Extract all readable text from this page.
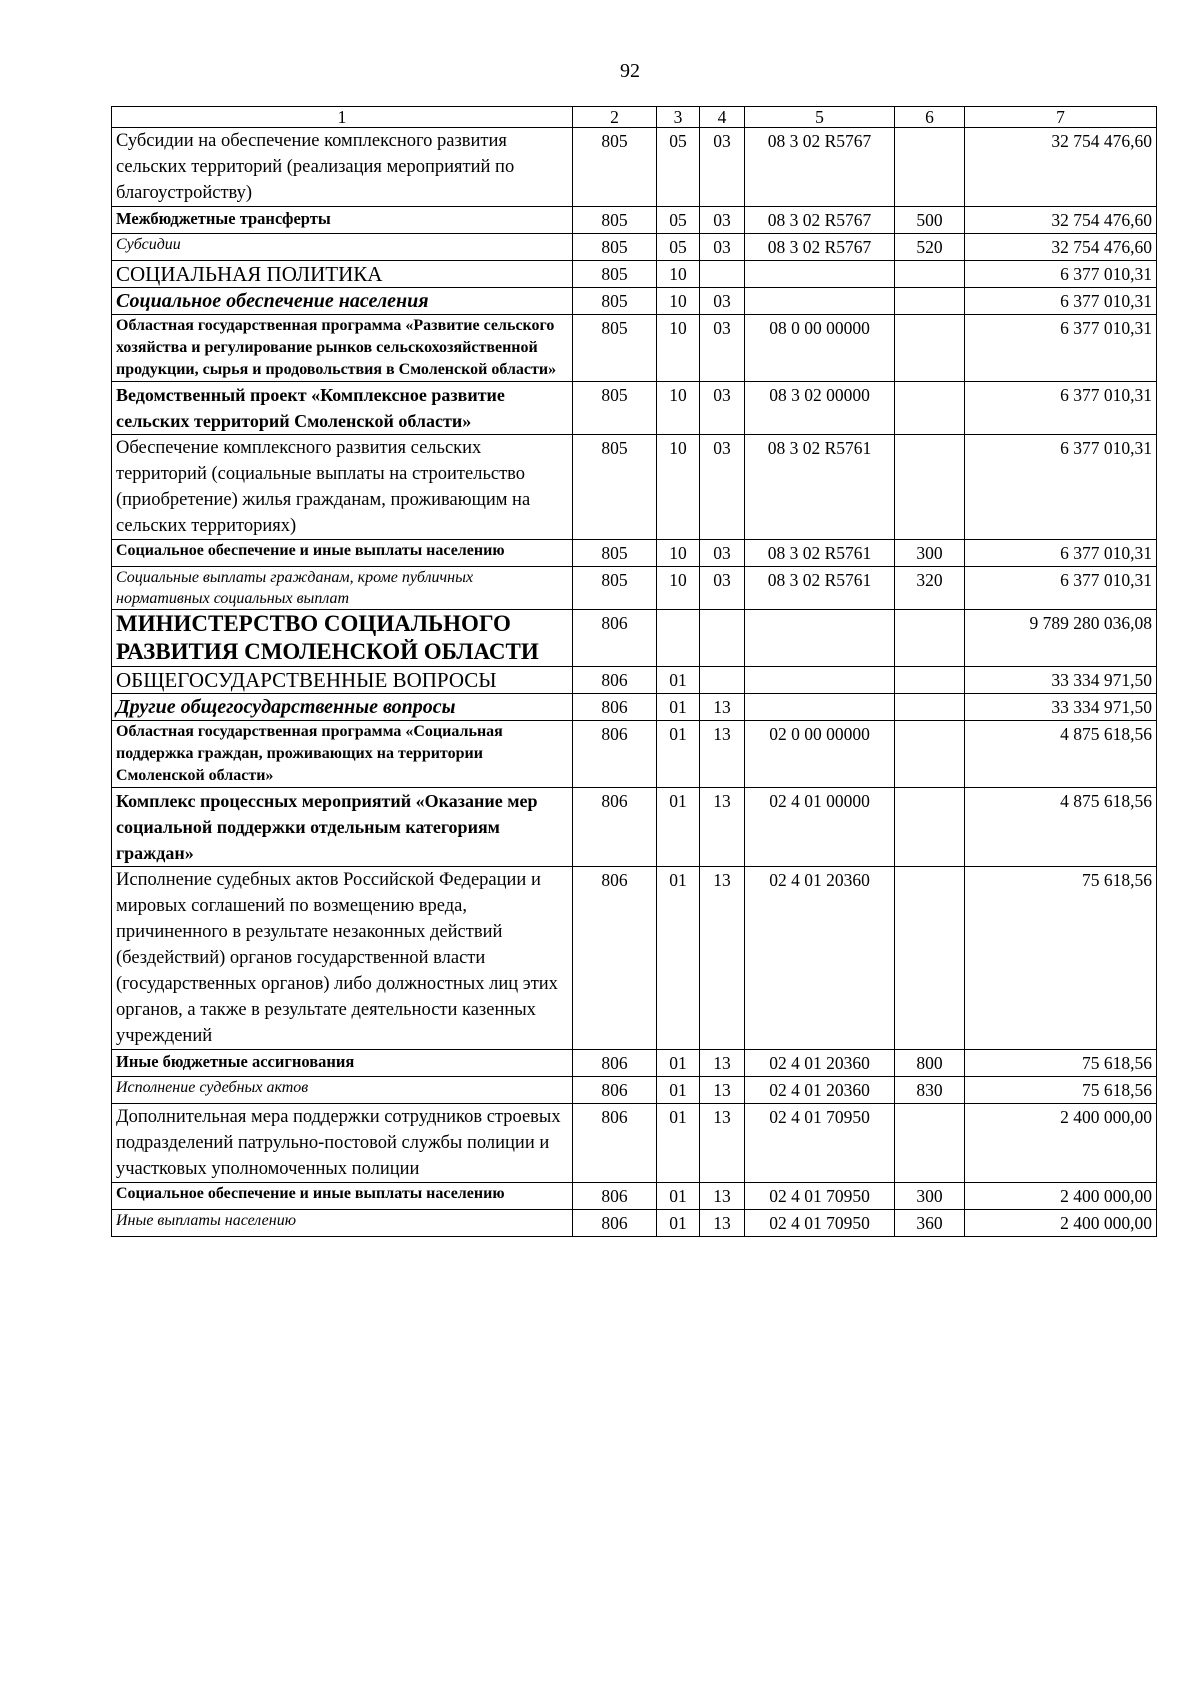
92
1	2	3	4	5	6	7
Субсидии на обеспечение комплексного развития сельских территорий (реализация мероприятий по благоустройству)	805	05	03	08 3 02 R5767		32 754 476,60
Межбюджетные трансферты	805	05	03	08 3 02 R5767	500	32 754 476,60
Субсидии	805	05	03	08 3 02 R5767	520	32 754 476,60
СОЦИАЛЬНАЯ ПОЛИТИКА	805	10				6 377 010,31
Социальное обеспечение населения	805	10	03			6 377 010,31
Областная государственная программа «Развитие сельского хозяйства и регулирование рынков сельскохозяйственной продукции, сырья и продовольствия в Смоленской области»	805	10	03	08 0 00 00000		6 377 010,31
Ведомственный проект «Комплексное развитие сельских территорий Смоленской области»	805	10	03	08 3 02 00000		6 377 010,31
Обеспечение комплексного развития сельских территорий (социальные выплаты на строительство (приобретение) жилья гражданам, проживающим на сельских территориях)	805	10	03	08 3 02 R5761		6 377 010,31
Социальное обеспечение и иные выплаты населению	805	10	03	08 3 02 R5761	300	6 377 010,31
Социальные выплаты гражданам, кроме публичных нормативных социальных выплат	805	10	03	08 3 02 R5761	320	6 377 010,31
МИНИСТЕРСТВО СОЦИАЛЬНОГО РАЗВИТИЯ СМОЛЕНСКОЙ ОБЛАСТИ	806					9 789 280 036,08
ОБЩЕГОСУДАРСТВЕННЫЕ ВОПРОСЫ	806	01				33 334 971,50
Другие общегосударственные вопросы	806	01	13			33 334 971,50
Областная государственная программа «Социальная поддержка граждан, проживающих на территории Смоленской области»	806	01	13	02 0 00 00000		4 875 618,56
Комплекс процессных мероприятий «Оказание мер социальной поддержки отдельным категориям граждан»	806	01	13	02 4 01 00000		4 875 618,56
Исполнение судебных актов Российской Федерации и мировых соглашений по возмещению вреда, причиненного в результате незаконных действий (бездействий) органов государственной власти (государственных органов) либо должностных лиц этих органов, а также в результате деятельности казенных учреждений	806	01	13	02 4 01 20360		75 618,56
Иные бюджетные ассигнования	806	01	13	02 4 01 20360	800	75 618,56
Исполнение судебных актов	806	01	13	02 4 01 20360	830	75 618,56
Дополнительная мера поддержки сотрудников строевых подразделений патрульно-постовой службы полиции и участковых уполномоченных полиции	806	01	13	02 4 01 70950		2 400 000,00
Социальное обеспечение и иные выплаты населению	806	01	13	02 4 01 70950	300	2 400 000,00
Иные выплаты населению	806	01	13	02 4 01 70950	360	2 400 000,00
